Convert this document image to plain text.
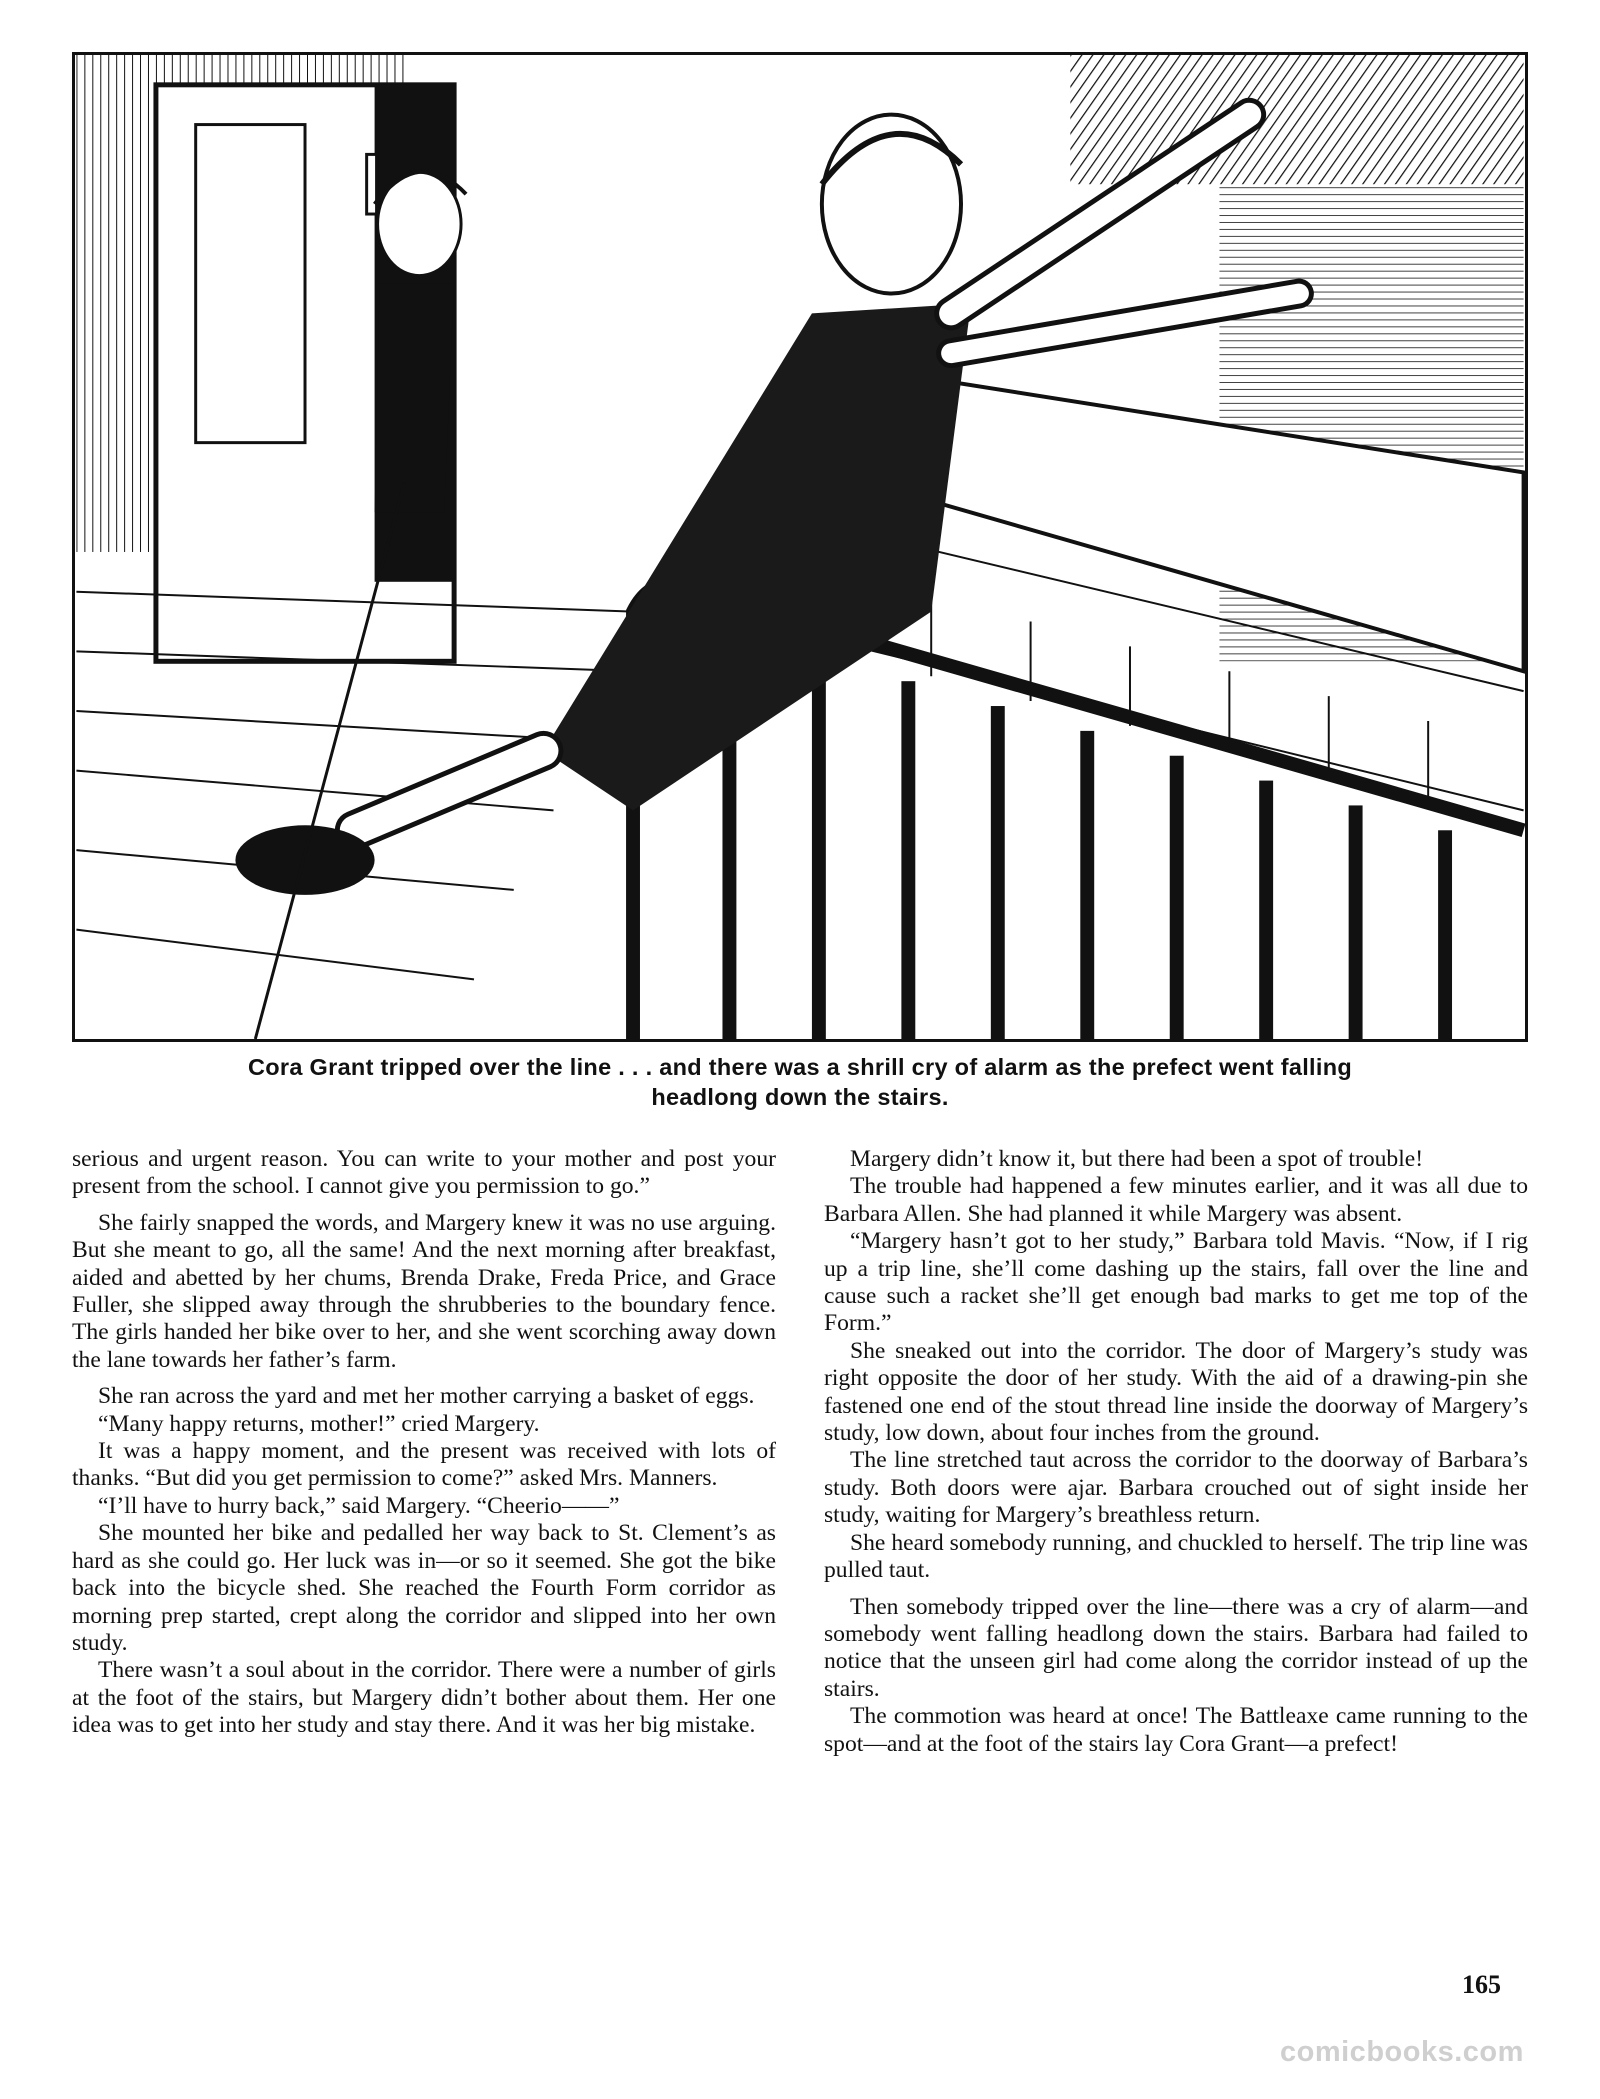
Cora Grant tripped over the line . . . and there was a shrill cry of alarm as the prefect went falling
headlong down the stairs.

serious and urgent reason. You can write to your mother and post your present from the school. I cannot give you permission to go.”

She fairly snapped the words, and Margery knew it was no use arguing. But she meant to go, all the same! And the next morning after breakfast, aided and abetted by her chums, Brenda Drake, Freda Price, and Grace Fuller, she slipped away through the shrubberies to the boundary fence. The girls handed her bike over to her, and she went scorching away down the lane towards her father’s farm.

She ran across the yard and met her mother carrying a basket of eggs.

“Many happy returns, mother!” cried Margery.

It was a happy moment, and the present was received with lots of thanks. “But did you get permission to come?” asked Mrs. Manners.

“I’ll have to hurry back,” said Margery. “Cheerio——”

She mounted her bike and pedalled her way back to St. Clement’s as hard as she could go. Her luck was in—or so it seemed. She got the bike back into the bicycle shed. She reached the Fourth Form corridor as morning prep started, crept along the corridor and slipped into her own study.

There wasn’t a soul about in the corridor. There were a number of girls at the foot of the stairs, but Margery didn’t bother about them. Her one idea was to get into her study and stay there. And it was her big mistake.

Margery didn’t know it, but there had been a spot of trouble!

The trouble had happened a few minutes earlier, and it was all due to Barbara Allen. She had planned it while Margery was absent.

“Margery hasn’t got to her study,” Barbara told Mavis. “Now, if I rig up a trip line, she’ll come dashing up the stairs, fall over the line and cause such a racket she’ll get enough bad marks to get me top of the Form.”

She sneaked out into the corridor. The door of Margery’s study was right opposite the door of her study. With the aid of a drawing-pin she fastened one end of the stout thread line inside the doorway of Margery’s study, low down, about four inches from the ground.

The line stretched taut across the corridor to the doorway of Barbara’s study. Both doors were ajar. Barbara crouched out of sight inside her study, waiting for Margery’s breathless return.

She heard somebody running, and chuckled to herself. The trip line was pulled taut.

Then somebody tripped over the line—there was a cry of alarm—and somebody went falling headlong down the stairs. Barbara had failed to notice that the unseen girl had come along the corridor instead of up the stairs.

The commotion was heard at once! The Battleaxe came running to the spot—and at the foot of the stairs lay Cora Grant—a prefect!

165
comicbooks.com
